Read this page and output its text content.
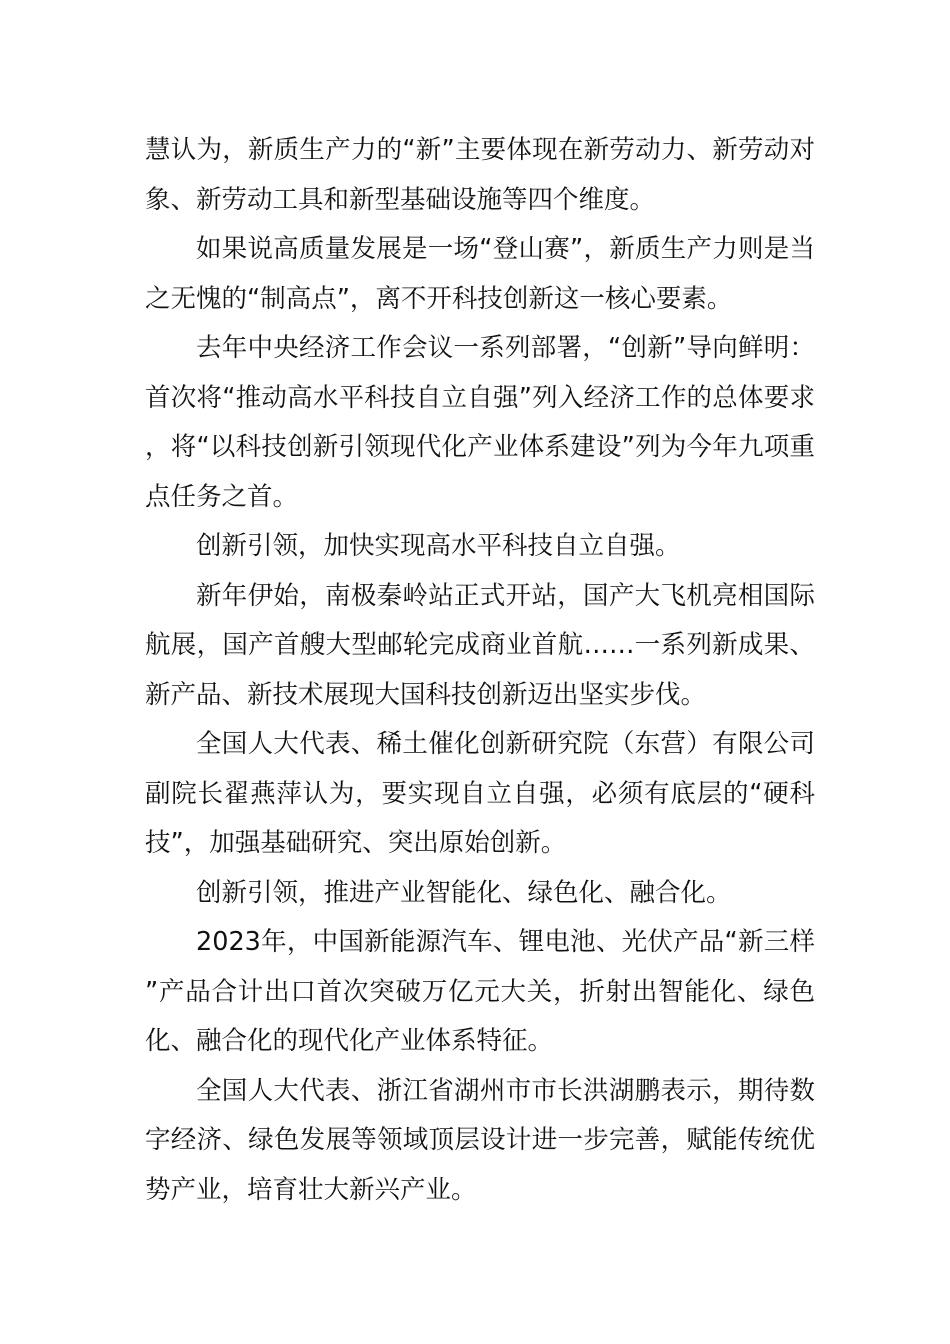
慧认为，新质生产力的“新”主要体现在新劳动力、新劳动对象、新劳动工具和新型基础设施等四个维度。

如果说高质量发展是一场“登山赛”，新质生产力则是当之无愧的“制高点”，离不开科技创新这一核心要素。

去年中央经济工作会议一系列部署，“创新”导向鲜明：首次将“推动高水平科技自立自强”列入经济工作的总体要求，将“以科技创新引领现代化产业体系建设”列为今年九项重点任务之首。

创新引领，加快实现高水平科技自立自强。

新年伊始，南极秦岭站正式开站，国产大飞机亮相国际航展，国产首艘大型邮轮完成商业首航……一系列新成果、新产品、新技术展现大国科技创新迈出坚实步伐。

全国人大代表、稀土催化创新研究院（东营）有限公司副院长翟燕萍认为，要实现自立自强，必须有底层的“硬科技”，加强基础研究、突出原始创新。

创新引领，推进产业智能化、绿色化、融合化。

2023年，中国新能源汽车、锂电池、光伏产品“新三样”产品合计出口首次突破万亿元大关，折射出智能化、绿色化、融合化的现代化产业体系特征。

全国人大代表、浙江省湖州市市长洪湖鹏表示，期待数字经济、绿色发展等领域顶层设计进一步完善，赋能传统优势产业，培育壮大新兴产业。
